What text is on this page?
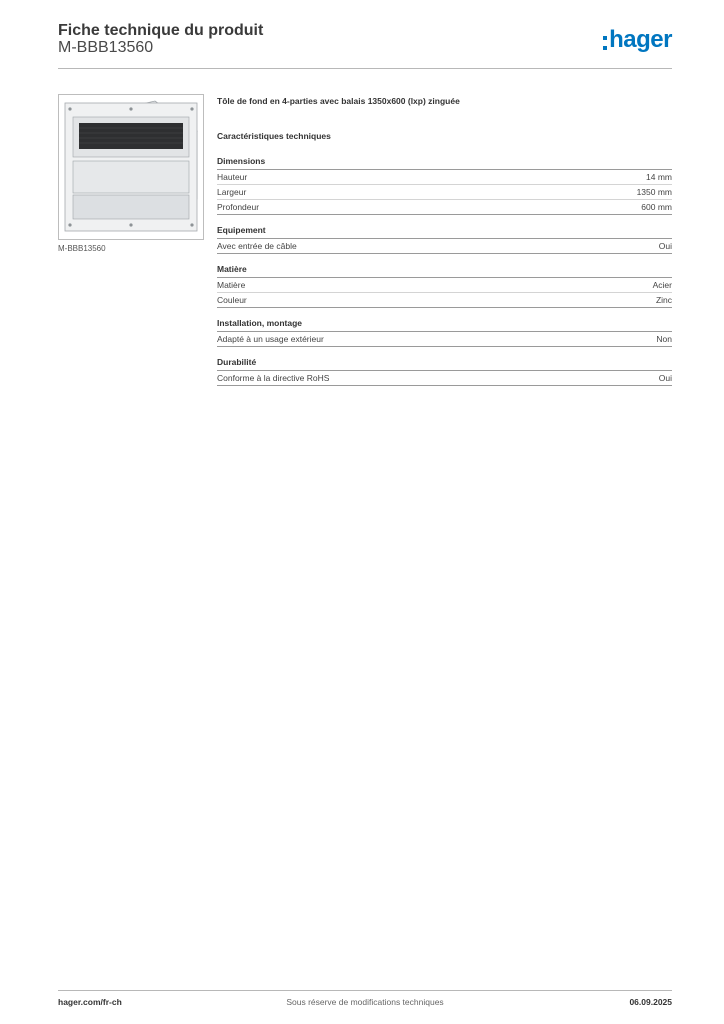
Fiche technique du produit
M-BBB13560	hager
M-BBB13560
Tôle de fond en 4-parties avec balais 1350x600 (lxp) zinguée
Caractéristiques techniques
Dimensions
Hauteur	14 mm
Largeur	1350 mm
Profondeur	600 mm
Equipement
Avec entrée de câble	Oui
Matière
Matière	Acier
Couleur	Zinc
Installation, montage
Adapté à un usage extérieur	Non
Durabilité
Conforme à la directive RoHS	Oui
hager.com/fr-ch	Sous réserve de modifications techniques	06.09.2025
